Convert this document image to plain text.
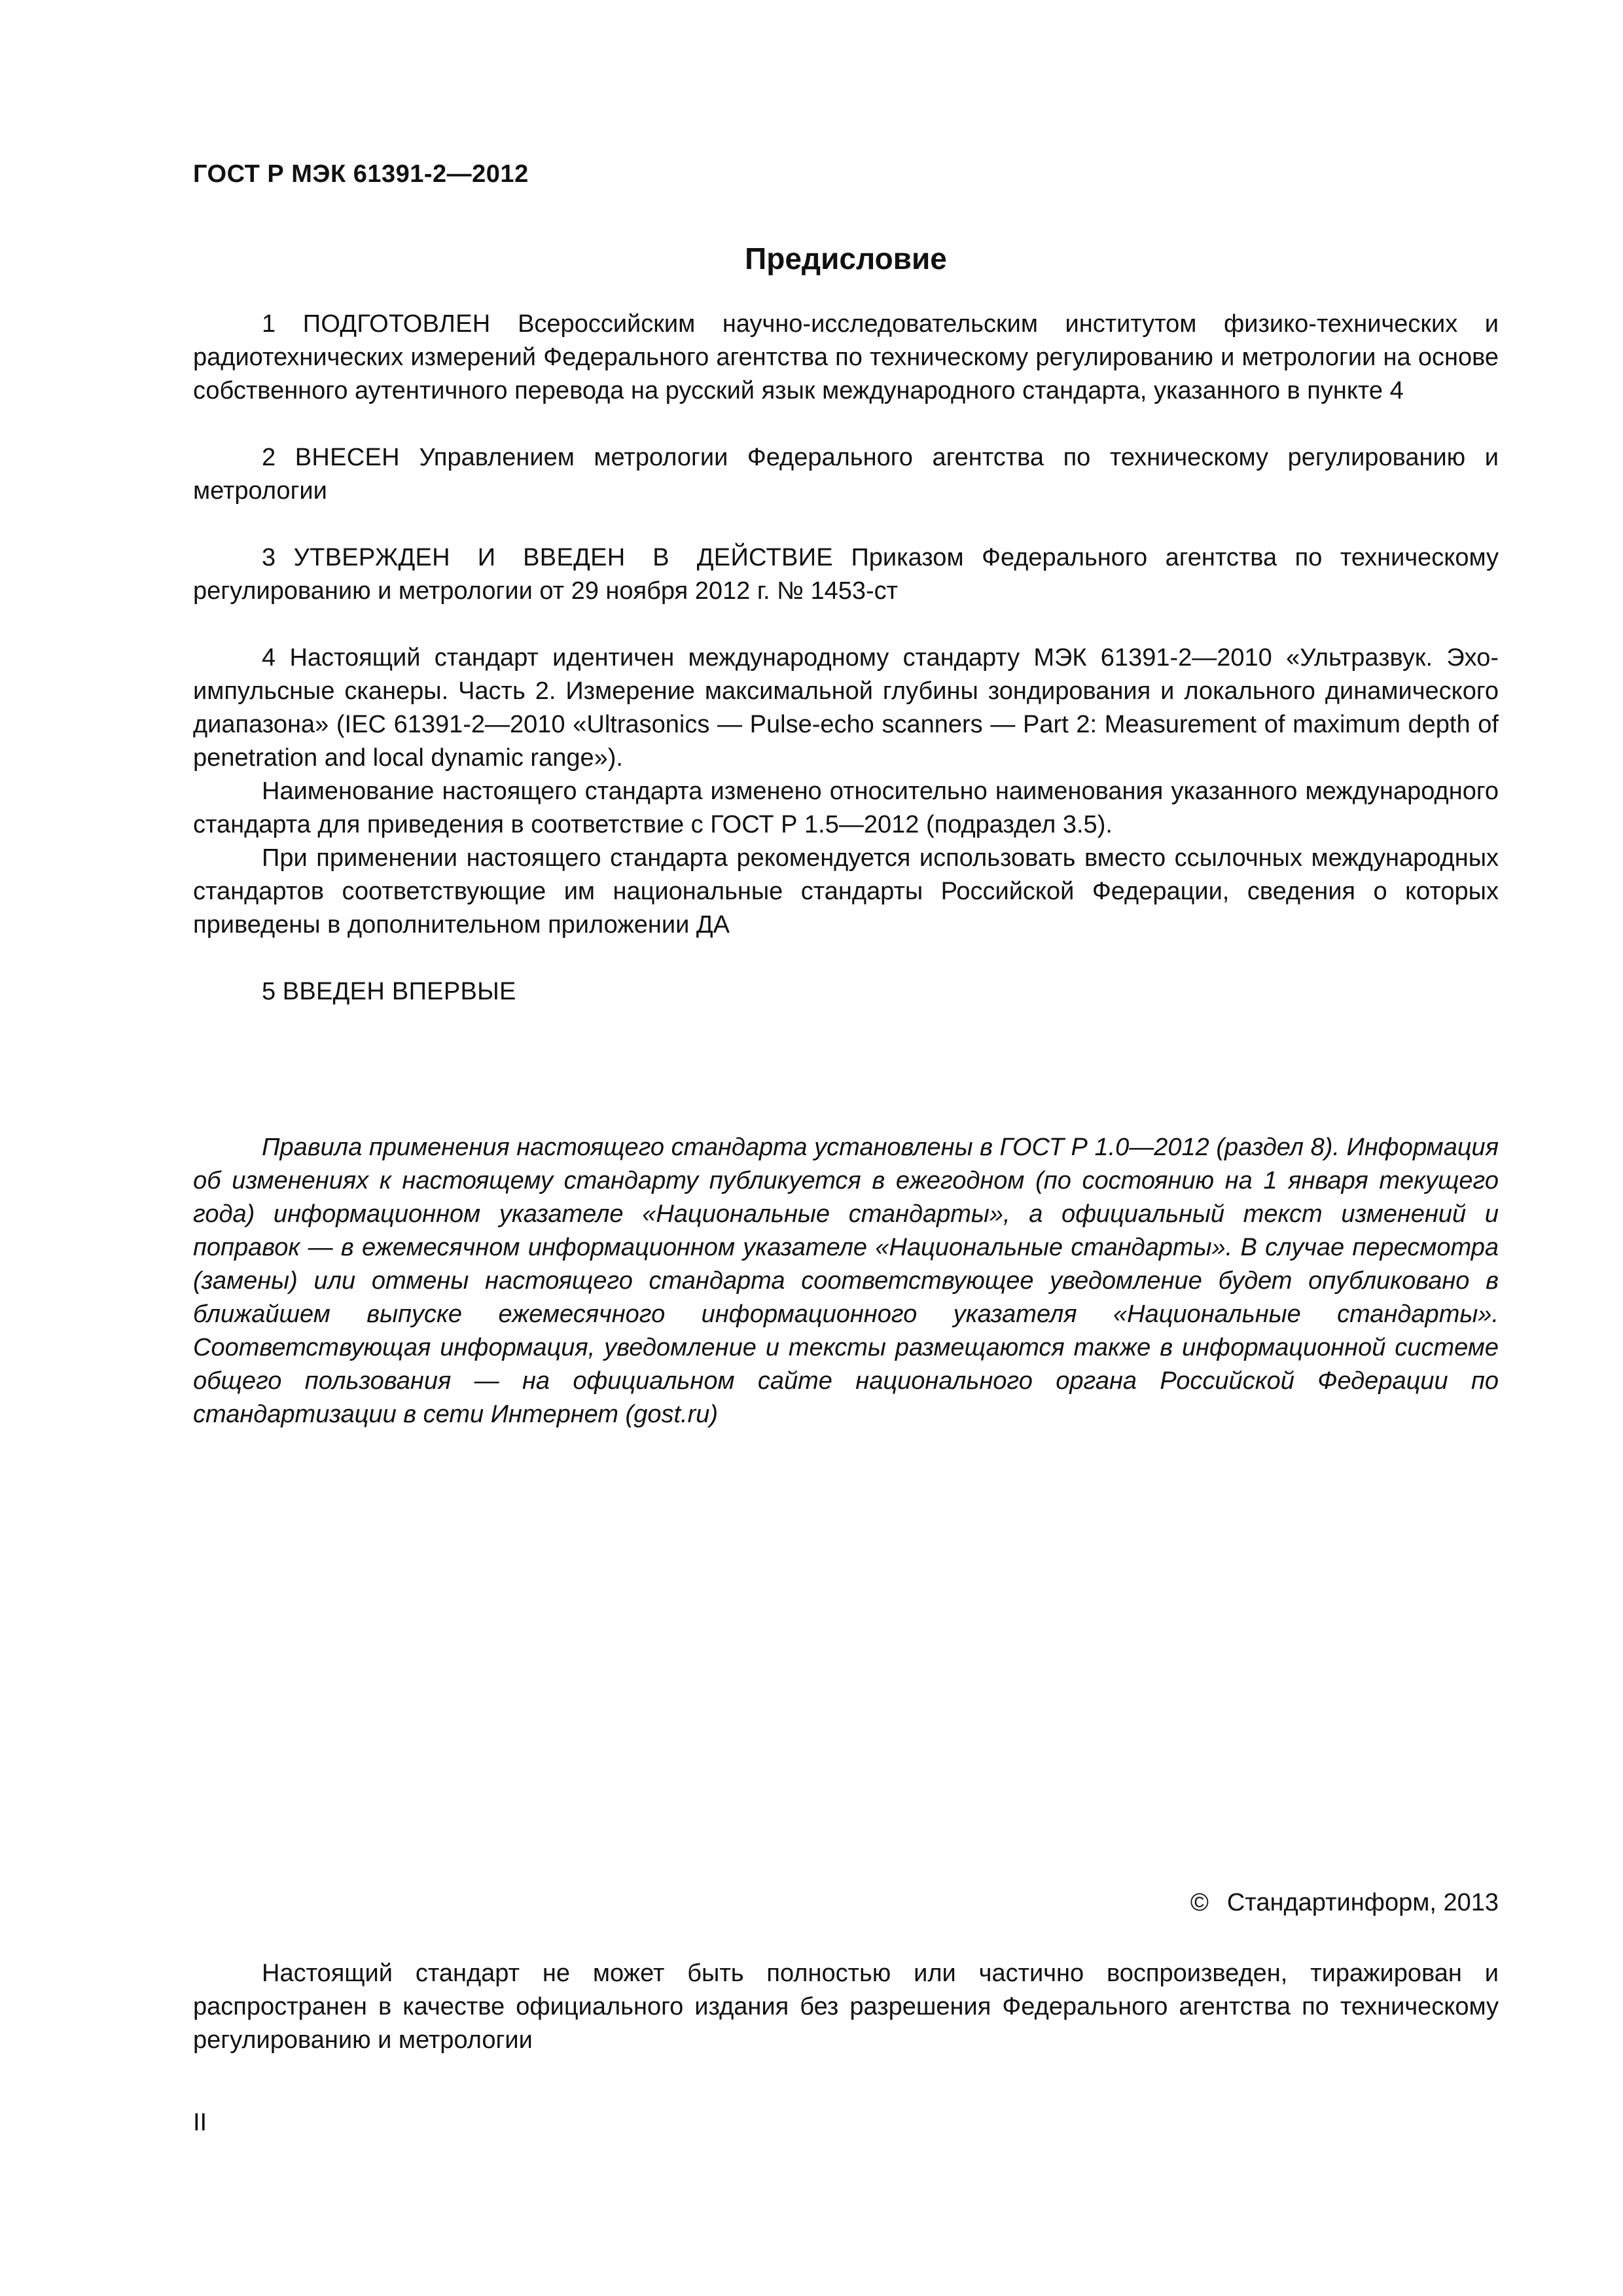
ГОСТ Р МЭК 61391-2—2012
Предисловие

1 ПОДГОТОВЛЕН Всероссийским научно-исследовательским институтом физико-технических и радиотехнических измерений Федерального агентства по техническому регулированию и метрологии на основе собственного аутентичного перевода на русский язык международного стандарта, указанного в пункте 4

2 ВНЕСЕН Управлением метрологии Федерального агентства по техническому регулированию и метрологии

3 УТВЕРЖДЕН И ВВЕДЕН В ДЕЙСТВИЕ Приказом Федерального агентства по техническому регулированию и метрологии от 29 ноября 2012 г. № 1453-ст

4 Настоящий стандарт идентичен международному стандарту МЭК 61391-2—2010 «Ультразвук. Эхо-импульсные сканеры. Часть 2. Измерение максимальной глубины зондирования и локального динамического диапазона» (IEC 61391-2—2010 «Ultrasonics — Pulse-echo scanners — Part 2: Measurement of maximum depth of penetration and local dynamic range»).

Наименование настоящего стандарта изменено относительно наименования указанного международного стандарта для приведения в соответствие с ГОСТ Р 1.5—2012 (подраздел 3.5).

При применении настоящего стандарта рекомендуется использовать вместо ссылочных международных стандартов соответствующие им национальные стандарты Российской Федерации, сведения о которых приведены в дополнительном приложении ДА

5 ВВЕДЕН ВПЕРВЫЕ

Правила применения настоящего стандарта установлены в ГОСТ Р 1.0—2012 (раздел 8). Информация об изменениях к настоящему стандарту публикуется в ежегодном (по состоянию на 1 января текущего года) информационном указателе «Национальные стандарты», а официальный текст изменений и поправок — в ежемесячном информационном указателе «Национальные стандарты». В случае пересмотра (замены) или отмены настоящего стандарта соответствующее уведомление будет опубликовано в ближайшем выпуске ежемесячного информационного указателя «Национальные стандарты». Соответствующая информация, уведомление и тексты размещаются также в информационной системе общего пользования — на официальном сайте национального органа Российской Федерации по стандартизации в сети Интернет (gost.ru)

© Стандартинформ, 2013

Настоящий стандарт не может быть полностью или частично воспроизведен, тиражирован и распространен в качестве официального издания без разрешения Федерального агентства по техническому регулированию и метрологии

II
